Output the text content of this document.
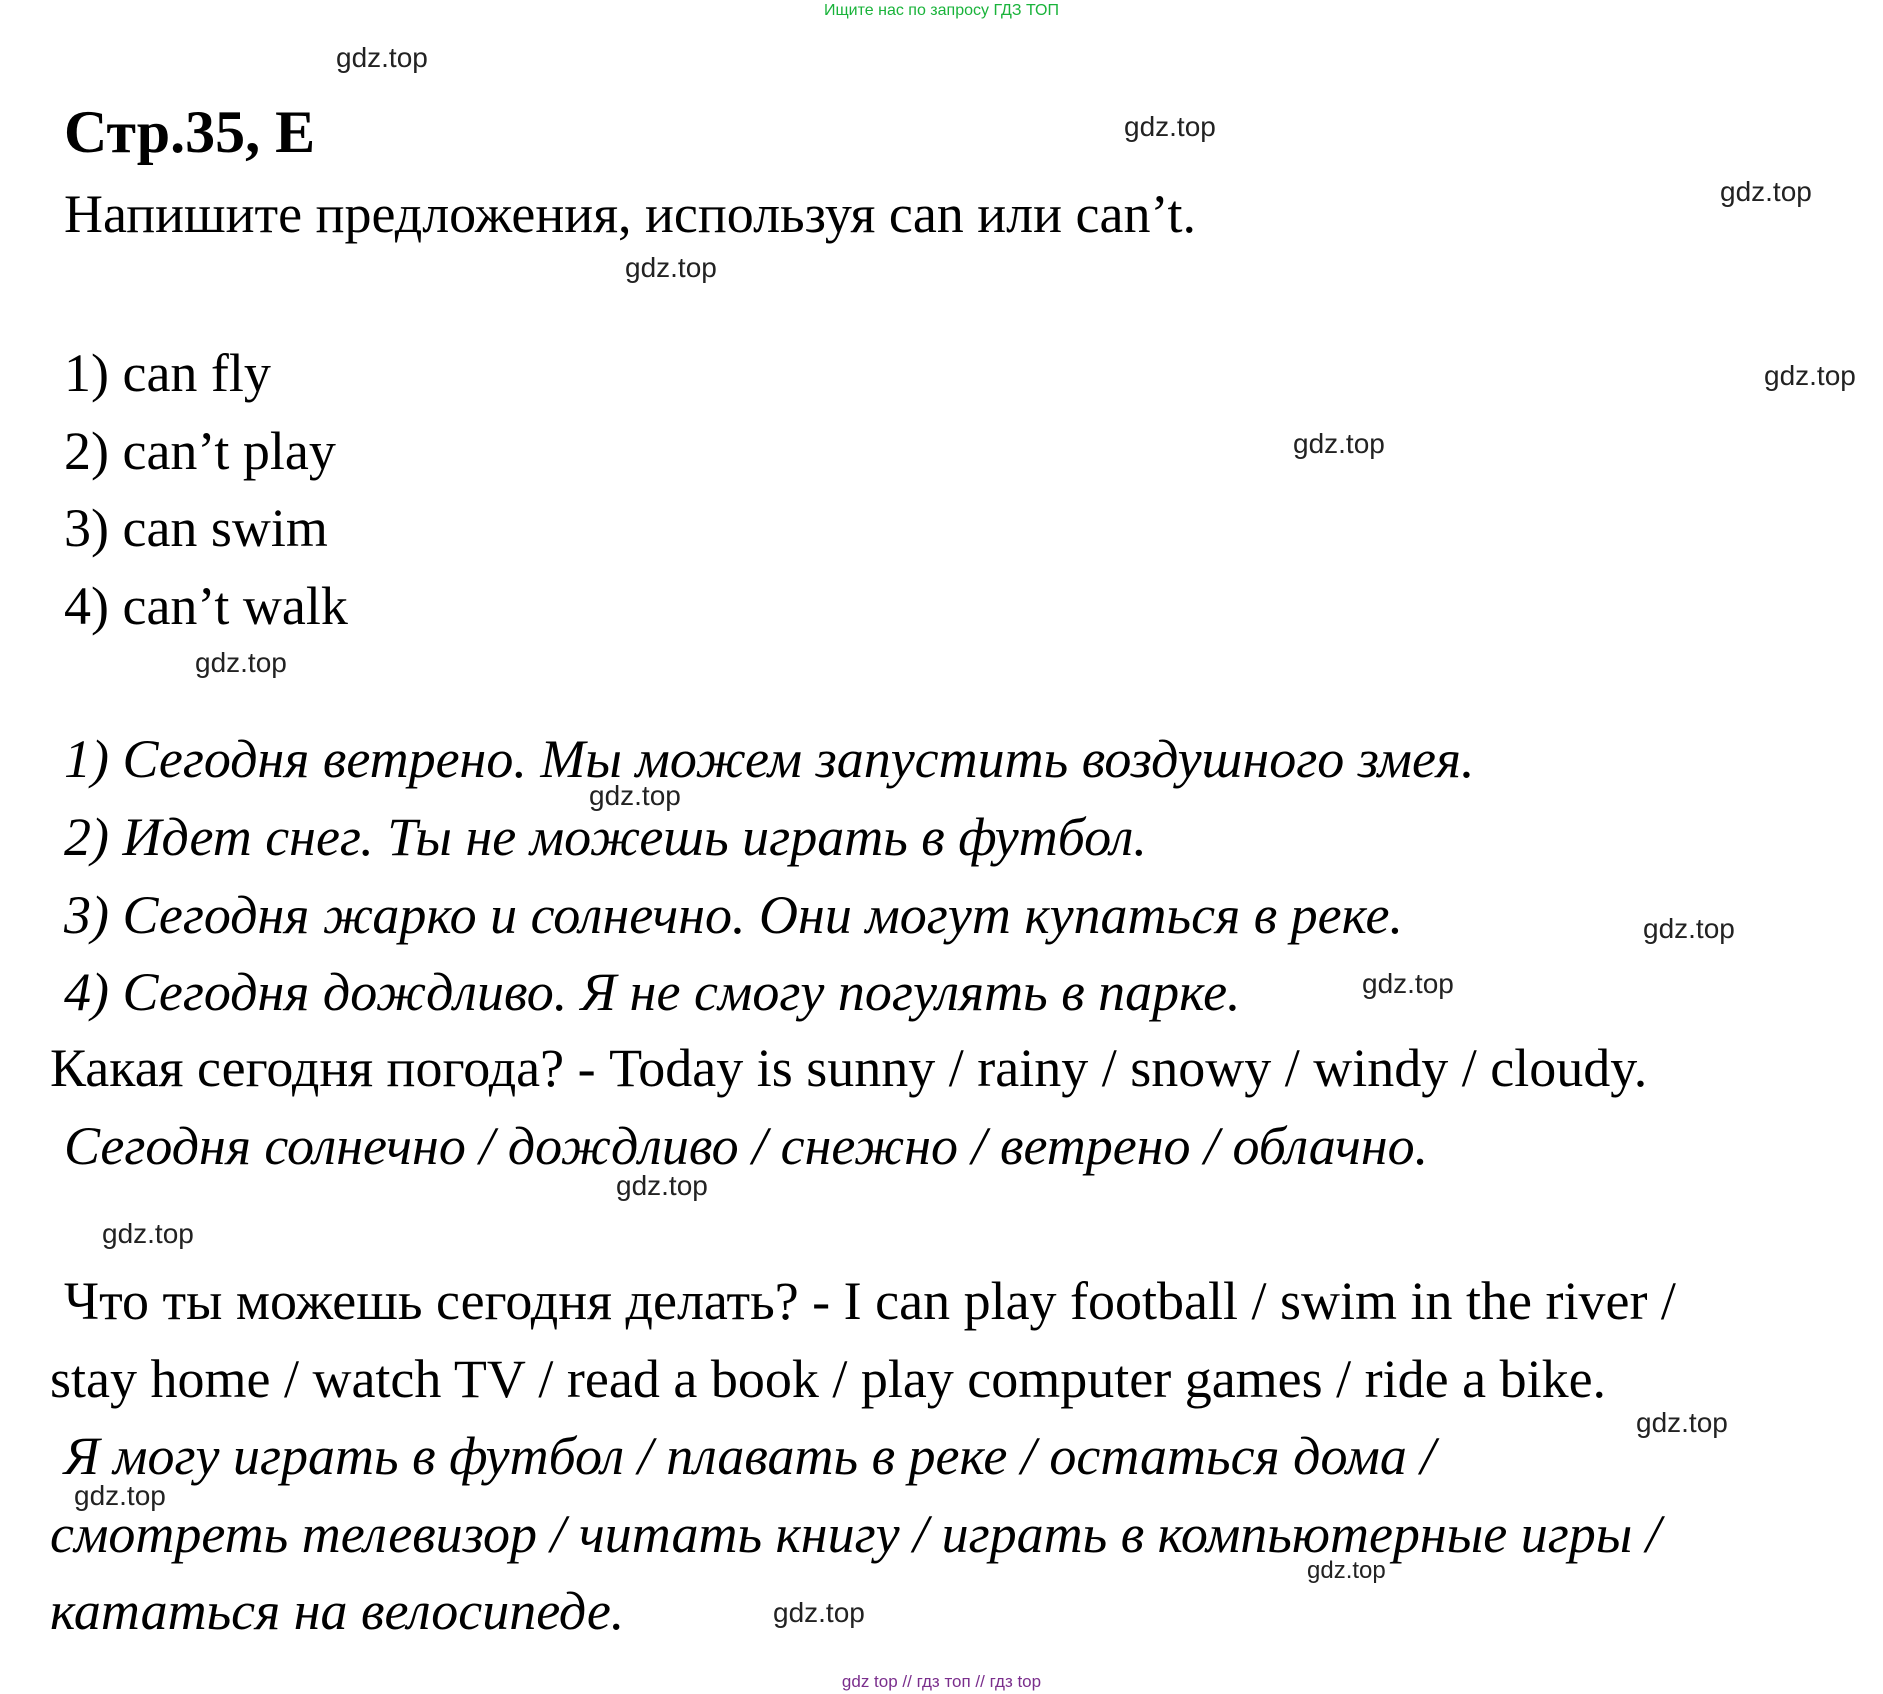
Ищите нас по запросу ГДЗ ТОП
Стр.35, E
Напишите предложения, используя can или can’t.
1) can fly
2) can’t play
3) can swim
4) can’t walk
1) Сегодня ветрено. Мы можем запустить воздушного змея.
2) Идет снег. Ты не можешь играть в футбол.
3) Сегодня жарко и солнечно. Они могут купаться в реке.
4) Сегодня дождливо. Я не смогу погулять в парке.
Какая сегодня погода? - Today is sunny / rainy / snowy / windy / cloudy.
Сегодня солнечно / дождливо / снежно / ветрено / облачно.
Что ты можешь сегодня делать? - I can play football / swim in the river /
stay home / watch TV / read a book / play computer games / ride a bike.
Я могу играть в футбол / плавать в реке / остаться дома /
смотреть телевизор / читать книгу / играть в компьютерные игры /
кататься на велосипеде.
gdz.top
gdz.top
gdz.top
gdz.top
gdz.top
gdz.top
gdz.top
gdz.top
gdz.top
gdz.top
gdz.top
gdz.top
gdz.top
gdz.top
gdz.top
gdz.top
gdz top // гдз топ // гдз top
